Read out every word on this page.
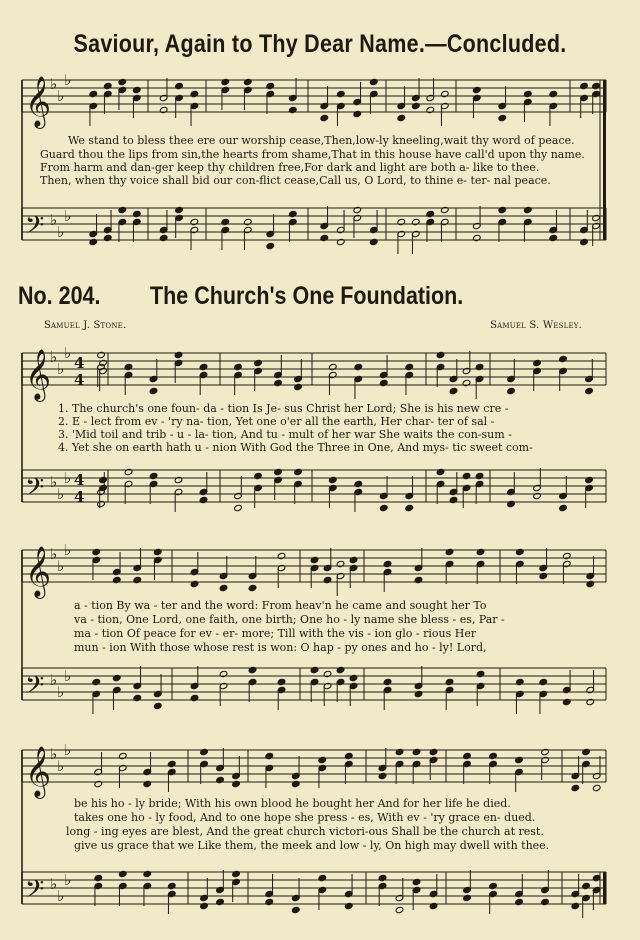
Saviour, Again to Thy Dear Name.—Concluded.
𝄞
♭
♭
♭
𝄢 ♭
♭
♭
𝄞
♭
♭
♭
4
4
𝄢 ♭
♭
♭ 4
4
𝄞
♭
♭
♭
𝄢 ♭
♭
♭
𝄞
♭
♭
♭
𝄢 ♭
♭
♭
We stand to bless thee ere our worship cease,Then,low-ly kneeling,wait thy word of peace.
Guard thou the lips from sin,the hearts from shame,That in this house have call'd upon thy name.
From harm and dan-ger keep thy children free,For dark and light are both a- like to thee.
Then, when thy voice shall bid our con-flict cease,Call us, O Lord, to thine e- ter- nal peace.
No. 204. The Church's One Foundation.
Samuel J. Stone.	Samuel S. Wesley.
1. The church's one foun- da - tion Is Je- sus Christ her Lord; She is his new cre -
2. E - lect from ev - 'ry na- tion, Yet one o'er all the earth, Her char- ter of sal -
3. 'Mid toil and trib - u - la- tion, And tu - mult of her war She waits the con-sum -
4. Yet she on earth hath u - nion With God the Three in One, And mys- tic sweet com-
a - tion By wa - ter and the word: From heav'n he came and sought her To
va - tion, One Lord, one faith, one birth; One ho - ly name she bless - es, Par -
ma - tion Of peace for ev - er- more; Till with the vis - ion glo - rious Her
mun - ion With those whose rest is won: O hap - py ones and ho - ly! Lord,
be his ho - ly bride; With his own blood he bought her And for her life he died.
takes one ho - ly food, And to one hope she press - es, With ev - 'ry grace en- dued.
long - ing eyes are blest, And the great church victori-ous Shall be the church at rest.
give us grace that we Like them, the meek and low - ly, On high may dwell with thee.
